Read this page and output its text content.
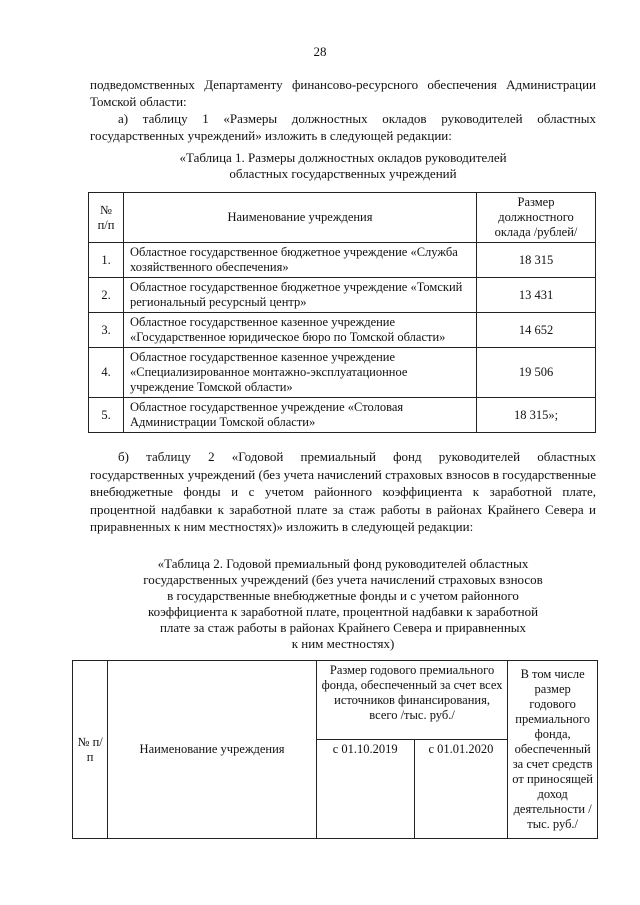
28
подведомственных Департаменту финансово-ресурсного обеспечения Администрации Томской области:
а) таблицу 1 «Размеры должностных окладов руководителей областных государственных учреждений» изложить в следующей редакции:
«Таблица 1. Размеры должностных окладов руководителей
областных государственных учреждений
№ п/п	Наименование учреждения	Размер должностного оклада /рублей/
1.	Областное государственное бюджетное учреждение «Служба хозяйственного обеспечения»	18 315
2.	Областное государственное бюджетное учреждение «Томский региональный ресурсный центр»	13 431
3.	Областное государственное казенное учреждение «Государственное юридическое бюро по Томской области»	14 652
4.	Областное государственное казенное учреждение «Специализированное монтажно-эксплуатационное учреждение Томской области»	19 506
5.	Областное государственное учреждение «Столовая Администрации Томской области»	18 315»;
б) таблицу 2 «Годовой премиальный фонд руководителей областных государственных учреждений (без учета начислений страховых взносов в государственные внебюджетные фонды и с учетом районного коэффициента к заработной плате, процентной надбавки к заработной плате за стаж работы в районах Крайнего Севера и приравненных к ним местностях)» изложить в следующей редакции:
«Таблица 2. Годовой премиальный фонд руководителей областных
государственных учреждений (без учета начислений страховых взносов
в государственные внебюджетные фонды и с учетом районного
коэффициента к заработной плате, процентной надбавки к заработной
плате за стаж работы в районах Крайнего Севера и приравненных
к ним местностях)
№ п/п	Наименование учреждения	Размер годового премиального фонда, обеспеченный за счет всех источников финансирования, всего /тыс. руб./		В том числе размер годового премиального фонда, обеспеченный за счет средств от приносящей доход деятельности /тыс. руб./
		с 01.10.2019	с 01.01.2020	
